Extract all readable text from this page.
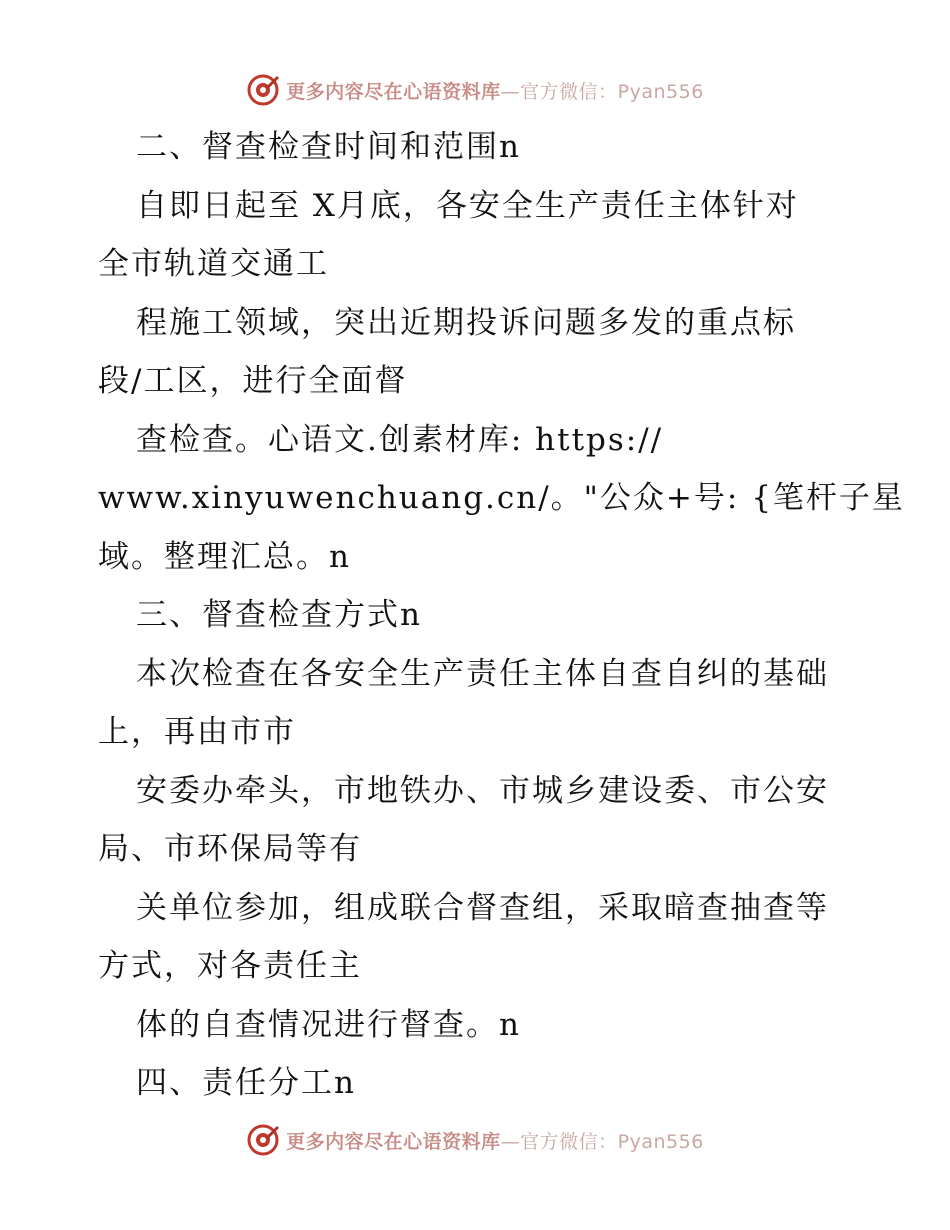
更多内容尽在心语资料库—官方微信：Pyan556
二、督查检查时间和范围n
自即日起至 X月底，各安全生产责任主体针对
全市轨道交通工
程施工领域，突出近期投诉问题多发的重点标
段/工区，进行全面督
查检查。心语文.创素材库: https://
www.xinyuwenchuang.cn/。"公众+号: {笔杆子星
域。整理汇总。n
三、督查检查方式n
本次检查在各安全生产责任主体自查自纠的基础
上，再由市市
安委办牵头，市地铁办、市城乡建设委、市公安
局、市环保局等有
关单位参加，组成联合督查组，采取暗查抽查等
方式，对各责任主
体的自查情况进行督查。n
四、责任分工n
更多内容尽在心语资料库—官方微信：Pyan556
